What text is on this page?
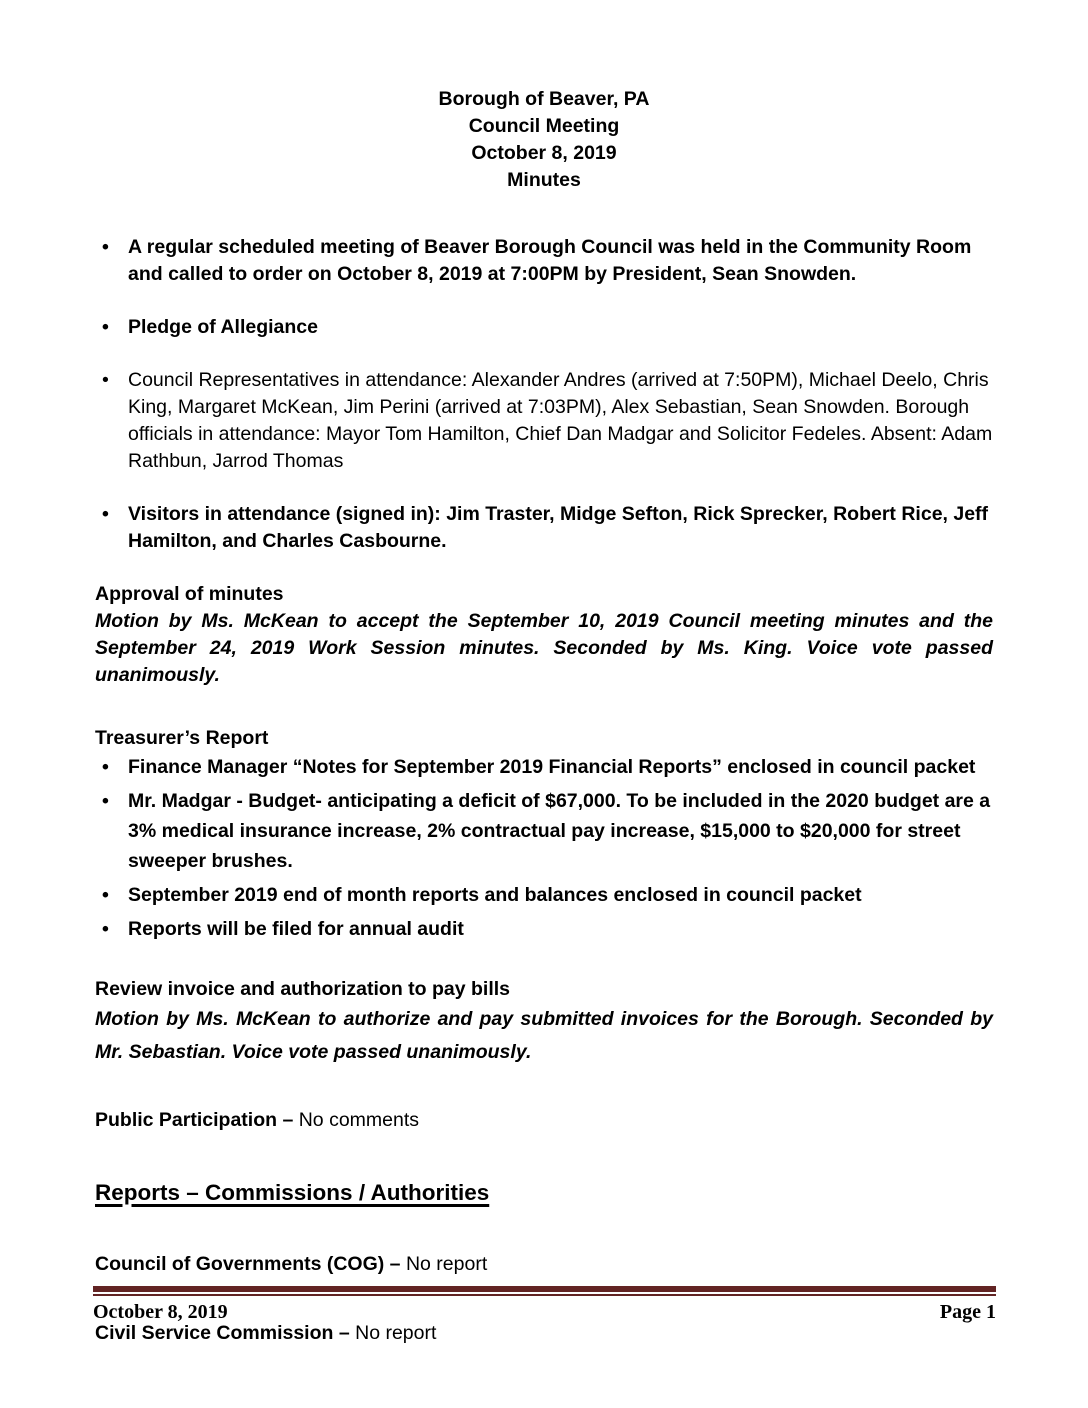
Borough of Beaver, PA
Council Meeting
October 8, 2019
Minutes
• A regular scheduled meeting of Beaver Borough Council was held in the Community Room and called to order on October 8, 2019 at 7:00PM by President, Sean Snowden.
• Pledge of Allegiance
• Council Representatives in attendance: Alexander Andres (arrived at 7:50PM), Michael Deelo, Chris King, Margaret McKean, Jim Perini (arrived at 7:03PM), Alex Sebastian, Sean Snowden. Borough officials in attendance: Mayor Tom Hamilton, Chief Dan Madgar and Solicitor Fedeles. Absent: Adam Rathbun, Jarrod Thomas
• Visitors in attendance (signed in): Jim Traster, Midge Sefton, Rick Sprecker, Robert Rice, Jeff Hamilton, and Charles Casbourne.
Approval of minutes

Motion by Ms. McKean to accept the September 10, 2019 Council meeting minutes and the September 24, 2019 Work Session minutes. Seconded by Ms. King. Voice vote passed unanimously.

Treasurer’s Report
• Finance Manager “Notes for September 2019 Financial Reports” enclosed in council packet
• Mr. Madgar - Budget- anticipating a deficit of $67,000. To be included in the 2020 budget are a 3% medical insurance increase, 2% contractual pay increase, $15,000 to $20,000 for street sweeper brushes.
• September 2019 end of month reports and balances enclosed in council packet
• Reports will be filed for annual audit
Review invoice and authorization to pay bills

Motion by Ms. McKean to authorize and pay submitted invoices for the Borough. Seconded by Mr. Sebastian. Voice vote passed unanimously.

Public Participation – No comments

Reports – Commissions / Authorities

Council of Governments (COG) – No report

Civil Service Commission – No report

October 8, 2019	Page 1
